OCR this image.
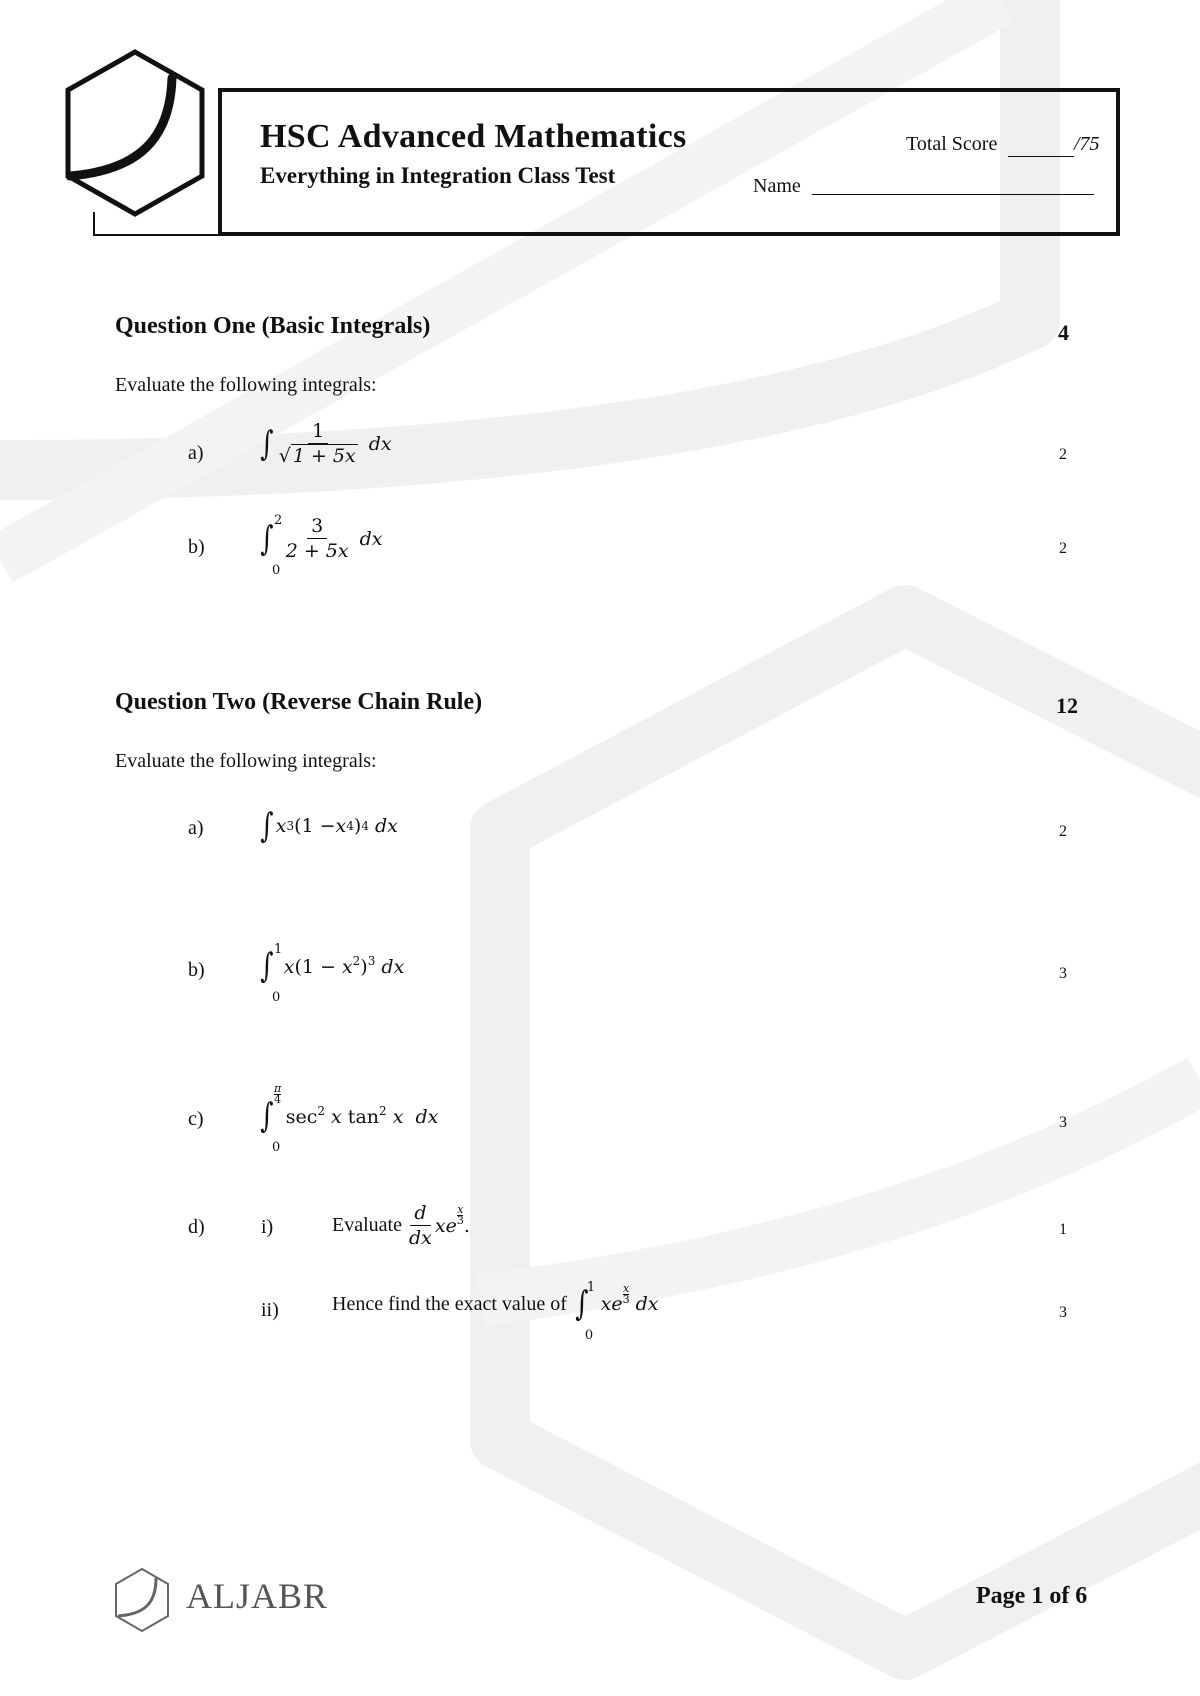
HSC Advanced Mathematics
Everything in Integration Class Test
Total Score	/75
Name
Question One (Basic Integrals)	4
Evaluate the following integrals:
a) ∫ $\frac{1}{√ 1 + 5x}$ dx	2
b) ∫ 2
0
$\frac{3}{2 + 5x}$ dx	2
Question Two (Reverse Chain Rule)	12
Evaluate the following integrals:
a) ∫ x 3 (1 − x 4 ) 4
dx	2
b) ∫ 1
0
$x(1 - x^2)^3$ dx	3
c) ∫
π
4
0
$\sec^2 x$ $\tan^2 x$ dx	3
d)	i)	Evaluate $\frac{d}{dx}$ xe
x
3 .	1
ii)	Hence find the exact value of ∫
1
0
xe
x
3
dx	3
ALJABR	Page 1 of 6
